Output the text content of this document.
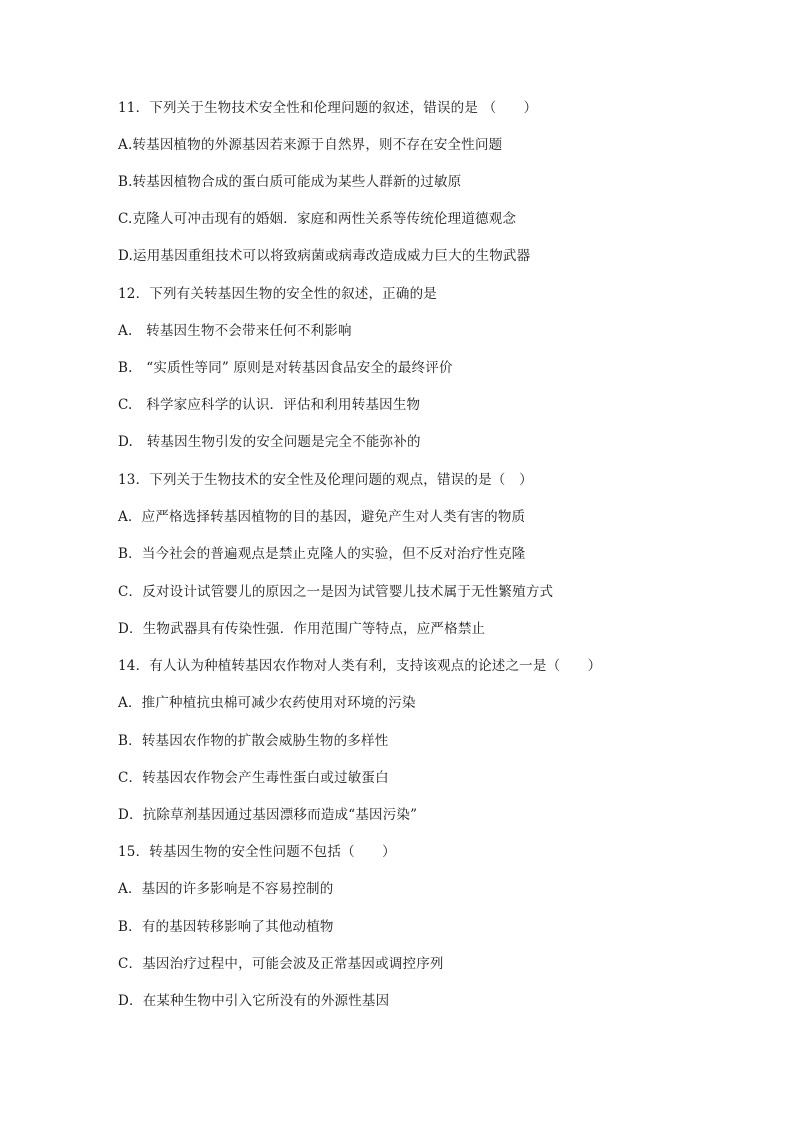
11．下列关于生物技术安全性和伦理问题的叙述，错误的是 （　　）
A.转基因植物的外源基因若来源于自然界，则不存在安全性问题
B.转基因植物合成的蛋白质可能成为某些人群新的过敏原
C.克隆人可冲击现有的婚姻．家庭和两性关系等传统伦理道德观念
D.运用基因重组技术可以将致病菌或病毒改造成威力巨大的生物武器
12．下列有关转基因生物的安全性的叙述，正确的是
A.　转基因生物不会带来任何不利影响
B.　“实质性等同” 原则是对转基因食品安全的最终评价
C.　科学家应科学的认识．评估和利用转基因生物
D.　转基因生物引发的安全问题是完全不能弥补的
13．下列关于生物技术的安全性及伦理问题的观点，错误的是（　）
A．应严格选择转基因植物的目的基因，避免产生对人类有害的物质
B．当今社会的普遍观点是禁止克隆人的实验，但不反对治疗性克隆
C．反对设计试管婴儿的原因之一是因为试管婴儿技术属于无性繁殖方式
D．生物武器具有传染性强．作用范围广等特点，应严格禁止
14．有人认为种植转基因农作物对人类有利，支持该观点的论述之一是（　　）
A．推广种植抗虫棉可减少农药使用对环境的污染
B．转基因农作物的扩散会威胁生物的多样性
C．转基因农作物会产生毒性蛋白或过敏蛋白
D．抗除草剂基因通过基因漂移而造成“基因污染”
15．转基因生物的安全性问题不包括（　　）
A．基因的许多影响是不容易控制的
B．有的基因转移影响了其他动植物
C．基因治疗过程中，可能会波及正常基因或调控序列
D．在某种生物中引入它所没有的外源性基因
